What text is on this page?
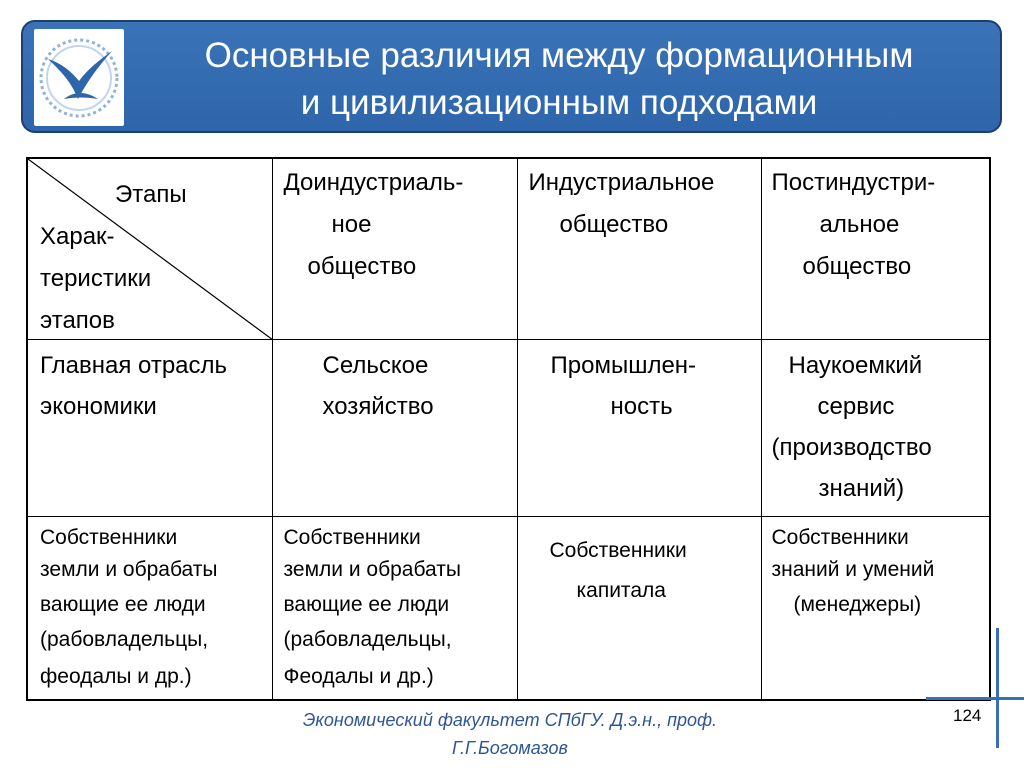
Основные различия между формационным
и цивилизационным подходами
Этапы
Харак-
теристики
этапов	Доиндустриаль-
ное
общество	Индустриальное
общество	Постиндустри-
альное
общество

Главная отрасль
экономики	Сельское
хозяйство	Промышлен-
ность	Наукоемкий
сервис
(производство
знаний)

Собственники
земли и обрабаты
вающие ее люди
(рабовладельцы,
феодалы и др.)	Собственники
земли и обрабаты
вающие ее люди
(рабовладельцы,
Феодалы и др.)	Собственники
капитала	Собственники
знаний и умений
(менеджеры)
Экономический факультет СПбГУ. Д.э.н., проф.
Г.Г.Богомазов
124
